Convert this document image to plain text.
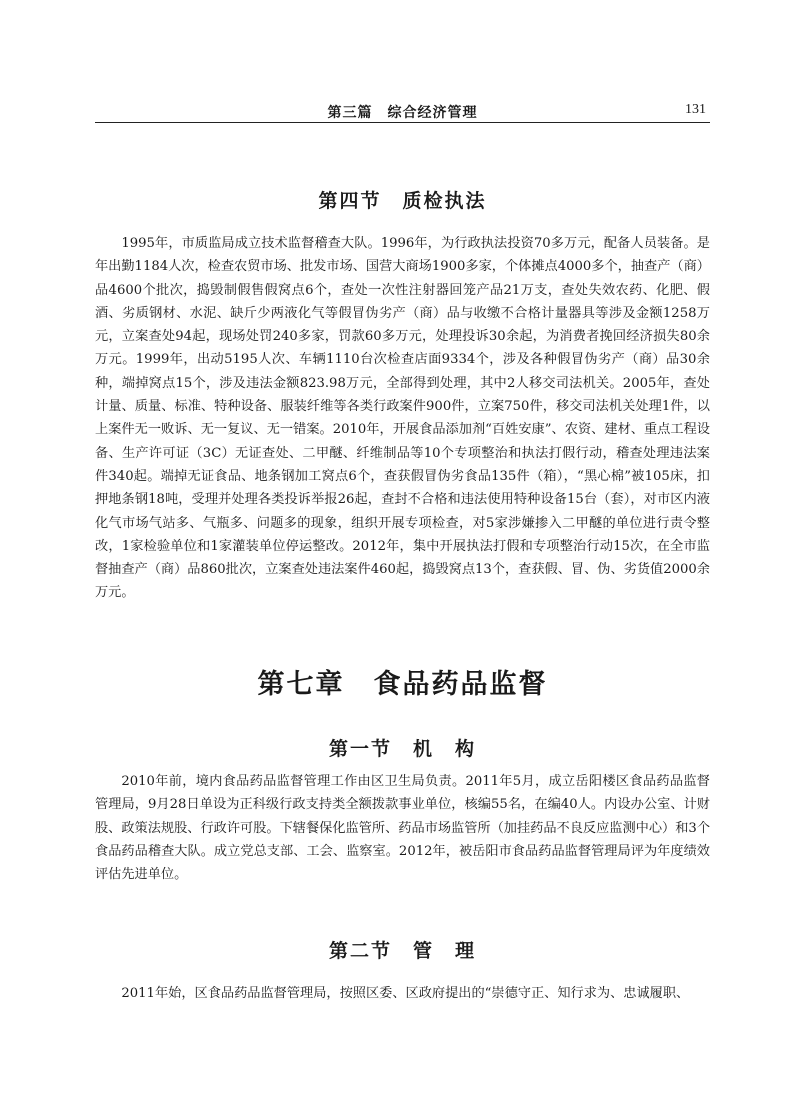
第三篇　综合经济管理	131
第四节　质检执法

1995年，市质监局成立技术监督稽查大队。1996年，为行政执法投资70多万元，配备人员装备。是年出勤1184人次，检查农贸市场、批发市场、国营大商场1900多家，个体摊点4000多个，抽查产（商）品4600个批次，捣毁制假售假窝点6个，查处一次性注射器回笼产品21万支，查处失效农药、化肥、假酒、劣质钢材、水泥、缺斤少两液化气等假冒伪劣产（商）品与收缴不合格计量器具等涉及金额1258万元，立案查处94起，现场处罚240多家，罚款60多万元，处理投诉30余起，为消费者挽回经济损失80余万元。1999年，出动5195人次、车辆1110台次检查店面9334个，涉及各种假冒伪劣产（商）品30余种，端掉窝点15个，涉及违法金额823.98万元，全部得到处理，其中2人移交司法机关。2005年，查处计量、质量、标准、特种设备、服装纤维等各类行政案件900件，立案750件，移交司法机关处理1件，以上案件无一败诉、无一复议、无一错案。2010年，开展食品添加剂“百姓安康”、农资、建材、重点工程设备、生产许可证（3C）无证查处、二甲醚、纤维制品等10个专项整治和执法打假行动，稽查处理违法案件340起。端掉无证食品、地条钢加工窝点6个，查获假冒伪劣食品135件（箱），“黑心棉”被105床，扣押地条钢18吨，受理并处理各类投诉举报26起，查封不合格和违法使用特种设备15台（套），对市区内液化气市场气站多、气瓶多、问题多的现象，组织开展专项检查，对5家涉嫌掺入二甲醚的单位进行责令整改，1家检验单位和1家灌装单位停运整改。2012年，集中开展执法打假和专项整治行动15次，在全市监督抽查产（商）品860批次，立案查处违法案件460起，捣毁窝点13个，查获假、冒、伪、劣货值2000余万元。

第七章　食品药品监督
第一节　机　构

2010年前，境内食品药品监督管理工作由区卫生局负责。2011年5月，成立岳阳楼区食品药品监督管理局，9月28日单设为正科级行政支持类全额拨款事业单位，核编55名，在编40人。内设办公室、计财股、政策法规股、行政许可股。下辖餐保化监管所、药品市场监管所（加挂药品不良反应监测中心）和3个食品药品稽查大队。成立党总支部、工会、监察室。2012年，被岳阳市食品药品监督管理局评为年度绩效评估先进单位。

第二节　管　理

2011年始，区食品药品监督管理局，按照区委、区政府提出的“崇德守正、知行求为、忠诚履职、
